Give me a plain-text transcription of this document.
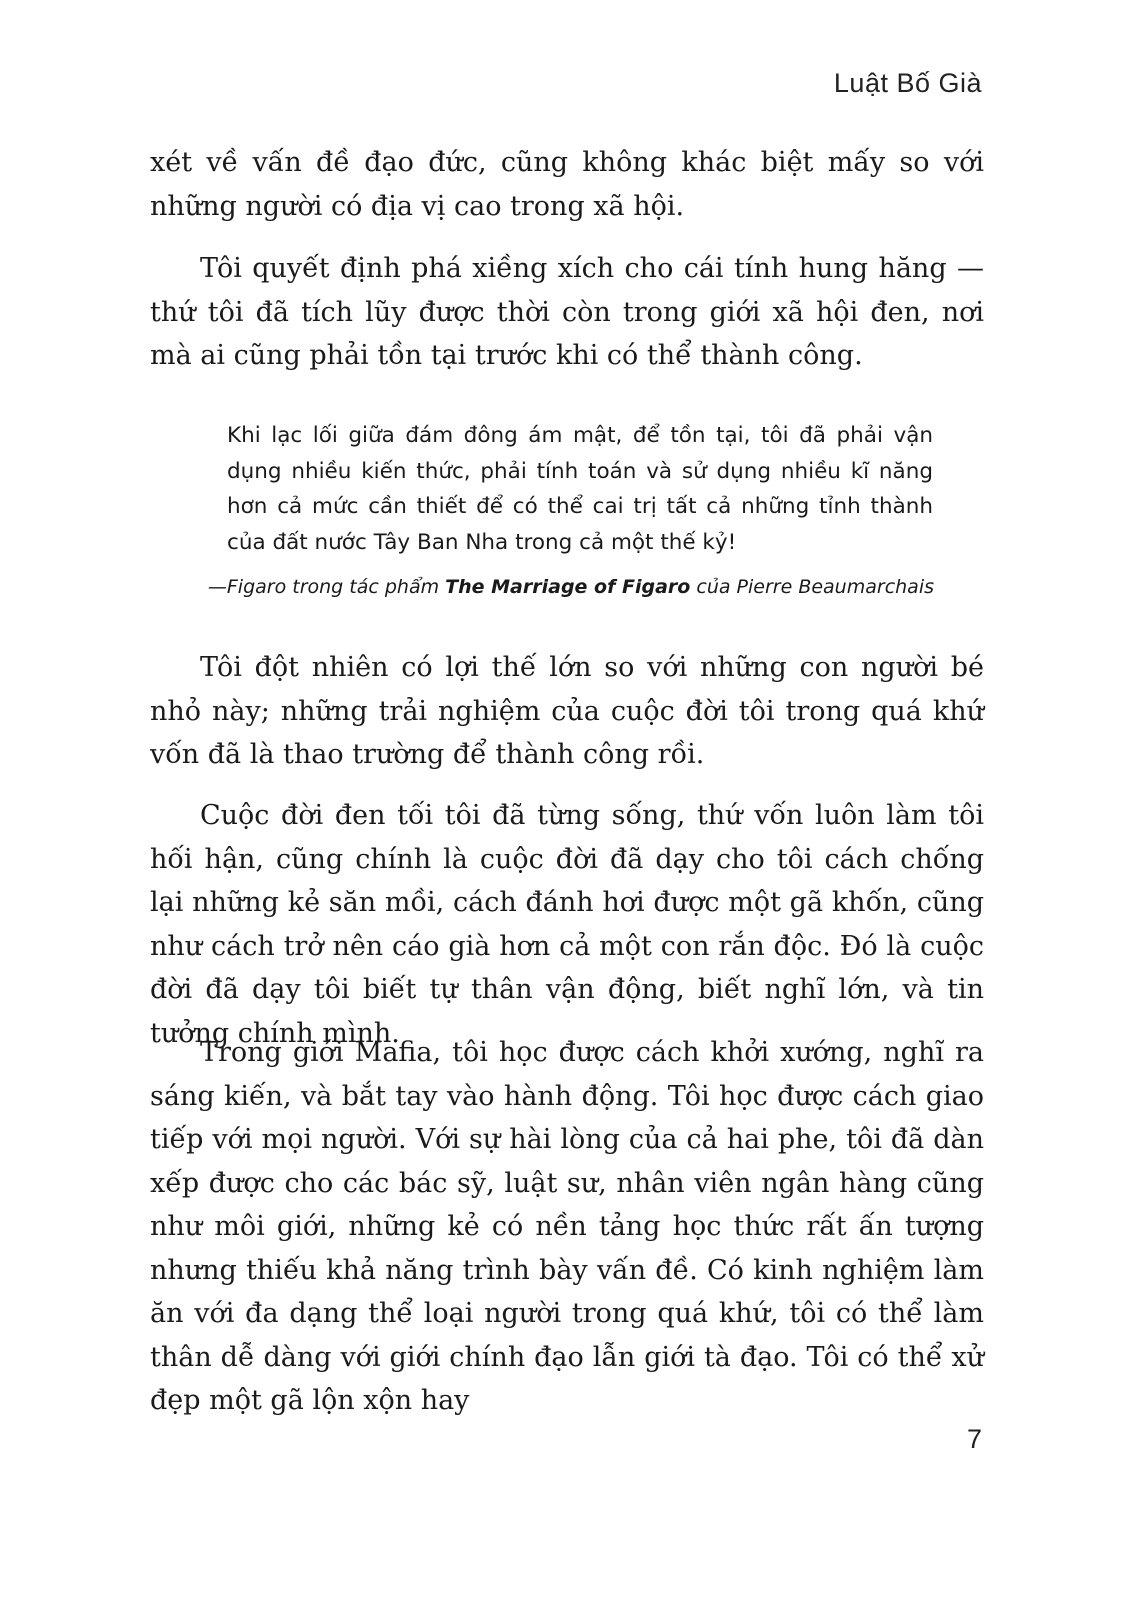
Luật Bố Già

xét về vấn đề đạo đức, cũng không khác biệt mấy so với những người có địa vị cao trong xã hội.

Tôi quyết định phá xiềng xích cho cái tính hung hăng — thứ tôi đã tích lũy được thời còn trong giới xã hội đen, nơi mà ai cũng phải tồn tại trước khi có thể thành công.

Khi lạc lối giữa đám đông ám mật, để tồn tại, tôi đã phải vận dụng nhiều kiến thức, phải tính toán và sử dụng nhiều kĩ năng hơn cả mức cần thiết để có thể cai trị tất cả những tỉnh thành của đất nước Tây Ban Nha trong cả một thế kỷ!

—Figaro trong tác phẩm The Marriage of Figaro của Pierre Beaumarchais

Tôi đột nhiên có lợi thế lớn so với những con người bé nhỏ này; những trải nghiệm của cuộc đời tôi trong quá khứ vốn đã là thao trường để thành công rồi.

Cuộc đời đen tối tôi đã từng sống, thứ vốn luôn làm tôi hối hận, cũng chính là cuộc đời đã dạy cho tôi cách chống lại những kẻ săn mồi, cách đánh hơi được một gã khốn, cũng như cách trở nên cáo già hơn cả một con rắn độc. Đó là cuộc đời đã dạy tôi biết tự thân vận động, biết nghĩ lớn, và tin tưởng chính mình.

Trong giới Mafia, tôi học được cách khởi xướng, nghĩ ra sáng kiến, và bắt tay vào hành động. Tôi học được cách giao tiếp với mọi người. Với sự hài lòng của cả hai phe, tôi đã dàn xếp được cho các bác sỹ, luật sư, nhân viên ngân hàng cũng như môi giới, những kẻ có nền tảng học thức rất ấn tượng nhưng thiếu khả năng trình bày vấn đề. Có kinh nghiệm làm ăn với đa dạng thể loại người trong quá khứ, tôi có thể làm thân dễ dàng với giới chính đạo lẫn giới tà đạo. Tôi có thể xử đẹp một gã lộn xộn hay

7
